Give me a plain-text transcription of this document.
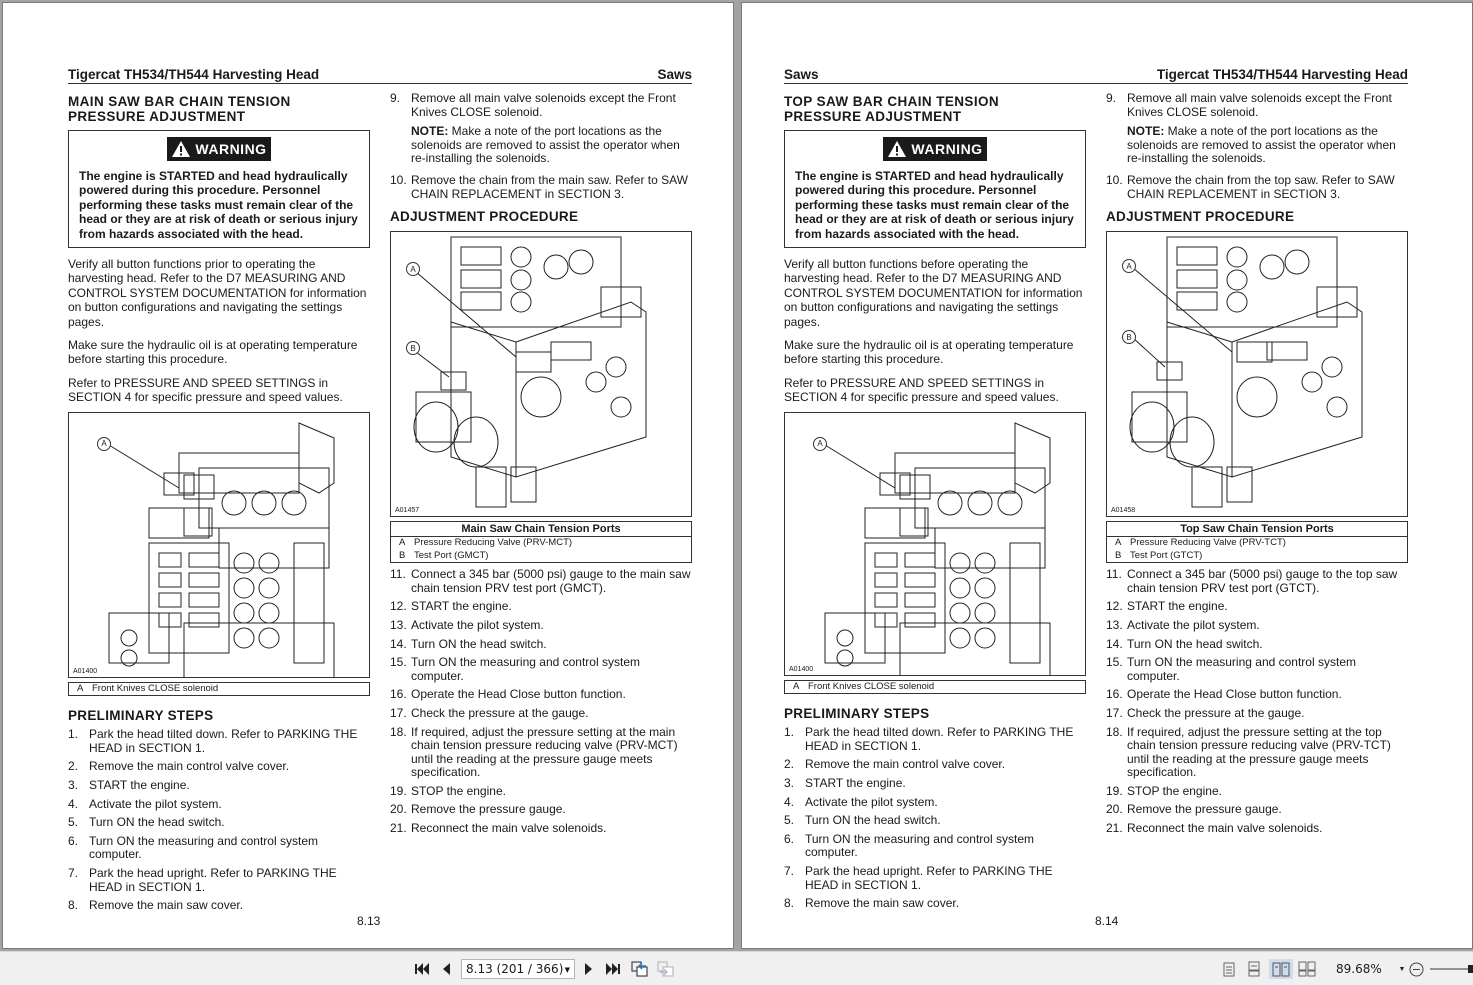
Tigercat TH534/TH544 Harvesting Head	Saws
MAIN SAW BAR CHAIN TENSION PRESSURE ADJUSTMENT
WARNING
The engine is STARTED and head hydraulically powered during this procedure. Personnel performing these tasks must remain clear of the head or they are at risk of death or serious injury from hazards associated with the head.
Verify all button functions prior to operating the harvesting head. Refer to the D7 MEASURING AND CONTROL SYSTEM DOCUMENTATION for information on button configurations and navigating the settings pages.
Make sure the hydraulic oil is at operating temperature before starting this procedure.
Refer to PRESSURE AND SPEED SETTINGS in SECTION 4 for specific pressure and speed values.
A
A01400
A Front Knives CLOSE solenoid
PRELIMINARY STEPS
1. Park the head tilted down. Refer to PARKING THE HEAD in SECTION 1.
2. Remove the main control valve cover.
3. START the engine.
4. Activate the pilot system.
5. Turn ON the head switch.
6. Turn ON the measuring and control system computer.
7. Park the head upright. Refer to PARKING THE HEAD in SECTION 1.
8. Remove the main saw cover.
9. Remove all main valve solenoids except the Front Knives CLOSE solenoid.
NOTE: Make a note of the port locations as the solenoids are removed to assist the operator when re-installing the solenoids.
10. Remove the chain from the main saw. Refer to SAW CHAIN REPLACEMENT in SECTION 3.
ADJUSTMENT PROCEDURE
A
B
A01457
Main Saw Chain Tension Ports
A Pressure Reducing Valve (PRV-MCT)
B Test Port (GMCT)
11. Connect a 345 bar (5000 psi) gauge to the main saw chain tension PRV test port (GMCT).
12. START the engine.
13. Activate the pilot system.
14. Turn ON the head switch.
15. Turn ON the measuring and control system computer.
16. Operate the Head Close button function.
17. Check the pressure at the gauge.
18. If required, adjust the pressure setting at the main chain tension pressure reducing valve (PRV-MCT) until the reading at the pressure gauge meets specification.
19. STOP the engine.
20. Remove the pressure gauge.
21. Reconnect the main valve solenoids.
8.13
Saws	Tigercat TH534/TH544 Harvesting Head
TOP SAW BAR CHAIN TENSION PRESSURE ADJUSTMENT
WARNING
The engine is STARTED and head hydraulically powered during this procedure. Personnel performing these tasks must remain clear of the head or they are at risk of death or serious injury from hazards associated with the head.
Verify all button functions before operating the harvesting head. Refer to the D7 MEASURING AND CONTROL SYSTEM DOCUMENTATION for information on button configurations and navigating the settings pages.
Make sure the hydraulic oil is at operating temperature before starting this procedure.
Refer to PRESSURE AND SPEED SETTINGS in SECTION 4 for specific pressure and speed values.
A
A01400
A Front Knives CLOSE solenoid
PRELIMINARY STEPS
1. Park the head tilted down. Refer to PARKING THE HEAD in SECTION 1.
2. Remove the main control valve cover.
3. START the engine.
4. Activate the pilot system.
5. Turn ON the head switch.
6. Turn ON the measuring and control system computer.
7. Park the head upright. Refer to PARKING THE HEAD in SECTION 1.
8. Remove the main saw cover.
9. Remove all main valve solenoids except the Front Knives CLOSE solenoid.
NOTE: Make a note of the port locations as the solenoids are removed to assist the operator when re-installing the solenoids.
10. Remove the chain from the top saw. Refer to SAW CHAIN REPLACEMENT in SECTION 3.
ADJUSTMENT PROCEDURE
A
B
A01458
Top Saw Chain Tension Ports
A Pressure Reducing Valve (PRV-TCT)
B Test Port (GTCT)
11. Connect a 345 bar (5000 psi) gauge to the top saw chain tension PRV test port (GTCT).
12. START the engine.
13. Activate the pilot system.
14. Turn ON the head switch.
15. Turn ON the measuring and control system computer.
16. Operate the Head Close button function.
17. Check the pressure at the gauge.
18. If required, adjust the pressure setting at the top chain tension pressure reducing valve (PRV-TCT) until the reading at the pressure gauge meets specification.
19. STOP the engine.
20. Remove the pressure gauge.
21. Reconnect the main valve solenoids.
8.14
8.13 (201 / 366) ▼	89.68% ▼
